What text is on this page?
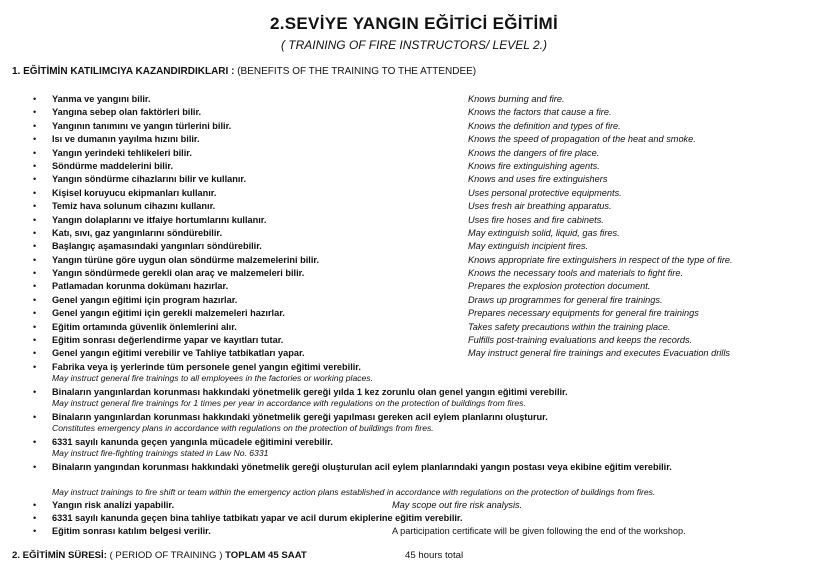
2.SEVİYE YANGIN EĞİTİCİ EĞİTİMİ
( TRAINING OF FIRE INSTRUCTORS/ LEVEL 2.)
1. EĞİTİMİN KATILIMCIYA KAZANDIRDIKLARI : (BENEFITS OF THE TRAINING TO THE ATTENDEE)
• Yanma ve yangını bilir.	Knows burning and fire.
• Yangına sebep olan faktörleri bilir.	Knows the factors that cause a fire.
• Yangının tanımını ve yangın türlerini bilir.	Knows the definition and types of fire.
• Isı ve dumanın yayılma hızını bilir.	Knows the speed of propagation of the heat and smoke.
• Yangın yerindeki tehlikeleri bilir.	Knows the dangers of fire place.
• Söndürme maddelerini bilir.	Knows fire extinguishing agents.
• Yangın söndürme cihazlarını bilir ve kullanır.	Knows and uses fire extinguishers
• Kişisel koruyucu ekipmanları kullanır.	Uses personal protective equipments.
• Temiz hava solunum cihazını kullanır.	Uses fresh air breathing apparatus.
• Yangın dolaplarını ve itfaiye hortumlarını kullanır.	Uses fire hoses and fire cabinets.
• Katı, sıvı, gaz yangınlarını söndürebilir.	May extinguish solid, liquid, gas fires.
• Başlangıç aşamasındaki yangınları söndürebilir.	May extinguish incipient fires.
• Yangın türüne göre uygun olan söndürme malzemelerini bilir.	Knows appropriate fire extinguishers in respect of the type of fire.
• Yangın söndürmede gerekli olan araç ve malzemeleri bilir.	Knows the necessary tools and materials to fight fire.
• Patlamadan korunma dokümanı hazırlar.	Prepares the explosion protection document.
• Genel yangın eğitimi için program hazırlar.	Draws up programmes for general fire trainings.
• Genel yangın eğitimi için gerekli malzemeleri hazırlar.	Prepares necessary equipments for general fire trainings
• Eğitim ortamında güvenlik önlemlerini alır.	Takes safety precautions within the training place.
• Eğitim sonrası değerlendirme yapar ve kayıtları tutar.	Fulfills post-training evaluations and keeps the records.
• Genel yangın eğitimi verebilir ve Tahliye tatbikatları yapar.	May instruct general fire trainings and executes Evacuation drills
• Fabrika veya iş yerlerinde tüm personele genel yangın eğitimi verebilir.
May instruct general fire trainings to all employees in the factories or working places.
• Binaların yangınlardan korunması hakkındaki yönetmelik gereği yılda 1 kez zorunlu olan genel yangın eğitimi verebilir.
May instruct general fire trainings for 1 times per year in accordance with regulations on the protection of buildings from fires.
• Binaların yangınlardan korunması hakkındaki yönetmelik gereği yapılması gereken acil eylem planlarını oluşturur.
Constitutes emergency plans in accordance with regulations on the protection of buildings from fires.
• 6331 sayılı kanunda geçen yangınla mücadele eğitimini verebilir.
May instruct fire-fighting trainings stated in Law No. 6331
• Binaların yangından korunması hakkındaki yönetmelik gereği oluşturulan acil eylem planlarındaki yangın postası veya ekibine eğitim verebilir.
May instruct trainings to fire shift or team within the emergency action plans established in accordance with regulations on the protection of buildings from fires.
• Yangın risk analizi yapabilir.	May scope out fire risk analysis.
• 6331 sayılı kanunda geçen bina tahliye tatbikatı yapar ve acil durum ekiplerine eğitim verebilir.
• Eğitim sonrası katılım belgesi verilir.	A participation certificate will be given following the end of the workshop.
2. EĞİTİMİN SÜRESİ: ( PERIOD OF TRAINING ) TOPLAM 45 SAAT	45 hours total
